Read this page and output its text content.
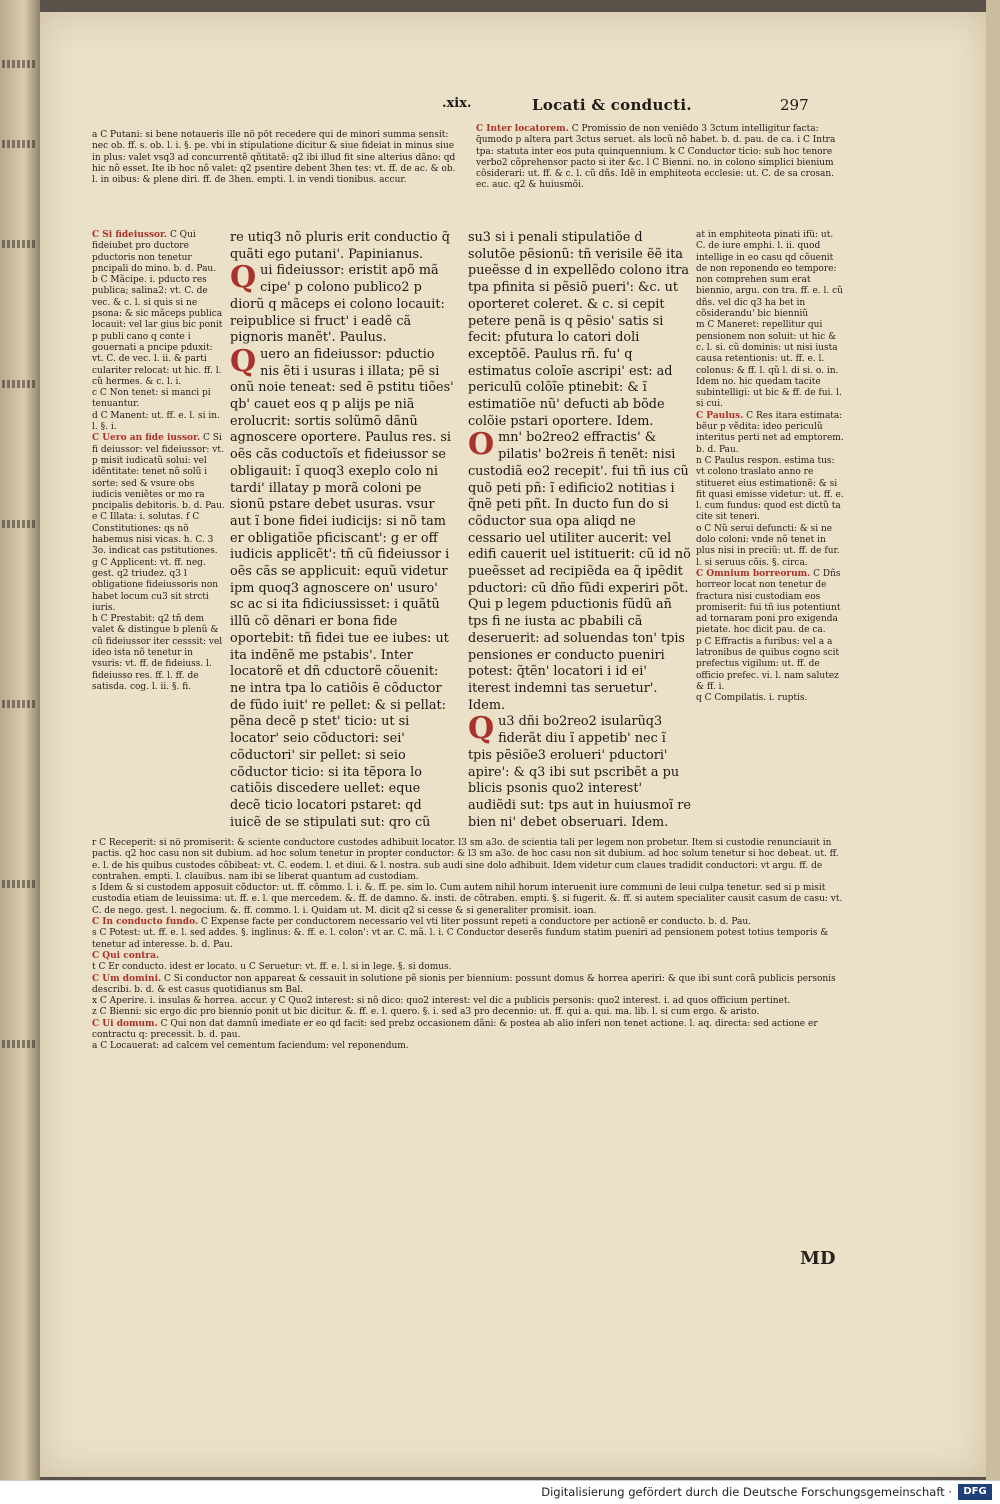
.xix.	Locati & conducti.	297

a C Putani: si bene notaueris ille nõ põt recedere qui de minori summa sensit: nec ob. ff. s. ob. l. i. §. pe. vbi in stipulatione dicitur & siue fideiat in minus siue in plus: valet vsq3 ad concurrentẽ qñtitatẽ: q2 ibi illud fit sine alterius dãno: qd hic nõ esset. Ite ib hoc nõ valet: q2 psentire debent 3hen tes: vt. ff. de ac. & ob. l. in oibus: & plene diri. ff. de 3hen. empti. l. in vendi tionibus. accur.

C Inter locatorem. C Promissio de non veniẽdo 3 3ctum intelligitur facta: q̃umodo p altera part 3ctus seruet. als locũ nõ habet. b. d. pau. de ca. i C Intra tpa: statuta inter eos puta quinquennium. k C Conductor ticio: sub hoc tenore verbo2 cõprehensor pacto si iter &c. l C Bienni. no. in colono simplici bienium cõsiderari: ut. ff. & c. l. cũ dñs. Idẽ in emphiteota ecclesie: ut. C. de sa crosan. ec. auc. q2 & huiusmõi.

C Si fideiussor. C Qui fideiubet pro ductore pductoris non tenetur pncipali do mino. b. d. Pau.

b C Mãcipe. i. pducto res publica; salina2: vt. C. de vec. & c. l. si quis si ne psona: & sic mãceps publica locauit: vel lar gius bic ponit p publi cano q conte i gouernati a pncipe pduxit: vt. C. de vec. l. ii. & parti culariter relocat: ut hic. ff. l. cũ hermes. & c. l. i.

c C Non tenet: si manci pi tenuantur.

d C Manent: ut. ff. e. l. si in. l. §. i.

C Uero an fide iussor. C Si fi deiussor: vel fideiussor: vt. p misit iudicatũ solui: vel idẽntitate: tenet nõ solũ i sorte: sed & vsure obs iudicis veniẽtes or mo ra pncipalis debitoris. b. d. Pau.

e C Illata: i. solutas. f C Constitutiones: qs nõ habemus nisi vicas. h. C. 3 3o. indicat cas pstitutiones.

g C Applicent: vt. ff. neg. gest. q2 triudez. q3 l obligatione fideiussoris non habet locum cu3 sit strcti iuris.

h C Prestabit: q2 tñ dem valet & distingue b plenũ & cũ fideiussor iter cesssit: vel ideo ista nõ tenetur in vsuris: vt. ff. de fideiuss. l. fideiusso res. ff. l. ff. de satisda. cog. l. ii. §. fi.

re utiq3 nõ pluris erit conductio q̃ quãti ego putani'. Papinianus.

Qui fideiussor: eristit apõ mã cipe' p colono publico2 p diorũ q mãceps ei colono locauit: reipublice si fruct' i eadẽ cã pignoris manẽt'. Paulus.

Quero an fideiussor: pductio nis ẽti i usuras i illata; pẽ si onũ noie teneat: sed ẽ pstitu tiões' qb' cauet eos q p alijs pe niã erolucrit: sortis solũmõ dãnũ agnoscere oportere. Paulus res. si oẽs cãs coductoĩs et fideiussor se obligauit: ĩ quoq3 exeplo colo ni tardi' illatay p morã coloni pe sionũ pstare debet usuras. vsur aut ĩ bone fidei iudicijs: si nõ tam er obligatiõe pficiscant': g er off iudicis applicẽt': tñ cũ fideiussor i oẽs cãs se applicuit: equũ videtur ipm quoq3 agnoscere on' usuro' sc ac si ita fidiciussisset: i quãtũ illũ cõ dẽnari er bona fide oportebit: tñ fidei tue ee iubes: ut ita indẽnẽ me pstabis'. Inter locatorẽ et dñ cductorẽ cõuenit: ne intra tpa lo catiõis ẽ cõductor de fũdo iuit' re pellet: & si pellat: pẽna decẽ p stet' ticio: ut si locator' seio cõductori: sei' cõductori' sir pellet: si seio cõductor ticio: si ita tẽpora lo catiõis discedere uellet: eque decẽ ticio locatori pstaret: qd iuicẽ de se stipulati sut: qro cũ

su3 si i penali stipulatiõe d solutõe pẽsionũ: tñ verisile ẽẽ ita pueẽsse d in expellẽdo colono itra tpa pfinita si pẽsiõ pueri': &c. ut oporteret coleret. & c. si cepit petere penã is q pẽsio' satis si fecit: pfutura lo catori doli exceptõẽ. Paulus rñ. fu' q estimatus coloĩe ascripi' est: ad periculũ colõĩe ptinebit: & ĩ estimatiõe nũ' defucti ab bõde colõie pstari oportere. Idem.

Omn' bo2reo2 effractis' & pilatis' bo2reis ñ tenẽt: nisi custodiã eo2 recepit'. fui tñ ius cũ quõ peti pñ: ĩ edificio2 notitias i q̃nẽ peti pñt. In ducto fun do si cõductor sua opa aliqd ne cessario uel utiliter aucerit: vel edifi cauerit uel istituerit: cũ id nõ pueẽsset ad recipiẽda ea q̃ ipẽdit pductori: cũ dño fũdi experiri põt. Qui p legem pductionis fũdũ añ tps fi ne iusta ac pbabili cã deseruerit: ad soluendas ton' tpis pensiones er conducto pueniri potest: q̃tẽn' locatori i id ei' iterest indemni tas seruetur'. Idem.

Qu3 dñi bo2reo2 isularũq3 fiderãt diu ĩ appetib' nec ĩ tpis pẽsiõe3 erolueri' pductori' apire': & q3 ibi sut pscribẽt a pu blicis psonis quo2 interest' audiẽdi sut: tps aut in huiusmoĩ re bien ni' debet obseruari. Idem.

at in emphiteota pinati ifũ: ut. C. de iure emphi. l. ii. quod intellige in eo casu qd cõuenit de non reponendo eo tempore: non comprehen sum erat biennio, argu. con tra. ff. e. l. cũ dñs. vel dic q3 ha bet in cõsiderandu' bic bienniũ

m C Maneret: repellitur qui pensionem non soluit: ut hic & c. l. si. cũ dominis: ut nisi iusta causa retentionis: ut. ff. e. l. colonus: & ff. l. qũ l. di si. o. in. Idem no. hic quedam tacite subintelligi: ut bic & ff. de fui. l. si cui.

C Paulus. C Res itara estimata: bẽur p vẽdita: ideo periculũ interitus perti net ad emptorem. b. d. Pau.

n C Paulus respon. estima tus: vt colono traslato anno re stitueret eius estimationẽ: & si fit quasi emisse videtur: ut. ff. e. l. cum fundus: quod est dictũ ta cite sit teneri.

o C Nũ serui defuncti: & si ne dolo coloni: vnde nõ tenet in plus nisi in preciũ: ut. ff. de fur. l. si seruus cõis. §. circa.

C Omnium borreorum. C Dñs horreor locat non tenetur de fractura nisi custodiam eos promiserit: fui tñ ius potentiunt ad tornaram poni pro exigenda pietate. hoc dicit pau. de ca.

p C Effractis a furibus: vel a a latronibus de quibus cogno scit prefectus vigilum: ut. ff. de officio prefec. vi. l. nam salutez & ff. i.

q C Compilatis. i. ruptis.

r C Receperit: si nõ promiserit: & sciente conductore custodes adhibuit locator. l3 sm a3o. de scientia tali per legem non probetur. Item si custodie renunciauit in pactis. q2 hoc casu non sit dubium. ad hoc solum tenetur in propter conductor: & l3 sm a3o. de hoc casu non sit dubium. ad hoc solum tenetur si hoc debeat. ut. ff. e. l. de his quibus custodes cõbibeat: vt. C. eodem. l. et diui. & l. nostra. sub audi sine dolo adhibuit. Idem videtur cum claues tradidit conductori: vt argu. ff. de contrahen. empti. l. clauibus. nam ibi se liberat quantum ad custodiam.

s Idem & si custodem apposuit cõductor: ut. ff. cõmmo. l. i. &. ff. pe. sim lo. Cum autem nihil horum interuenit iure communi de leui culpa tenetur. sed si p misit custodia etiam de leuissima: ut. ff. e. l. que mercedem. &. ff. de damno. &. insti. de cõtraben. empti. §. si fugerit. &. ff. si autem specialiter causit casum de casu: vt. C. de nego. gest. l. negocium. &. ff. commo. l. i. Quidam ut. M. dicit q2 si cesse & si generaliter promisit. ioan.

C In conducto fundo. C Expense facte per conductorem necessario vel vti liter possunt repeti a conductore per actionẽ er conducto. b. d. Pau.

s C Potest: ut. ff. e. l. sed addes. §. inglinus: &. ff. e. l. colon': vt ar. C. mã. l. i. C Conductor deserẽs fundum statim pueniri ad pensionem potest totius temporis & tenetur ad interesse. b. d. Pau.

C Qui contra.

t C Er conducto. idest er locato. u C Seruetur: vt. ff. e. l. si in lege. §. si domus.

C Um domini. C Si conductor non appareat & cessauit in solutione pẽ sionis per biennium: possunt domus & horrea aperiri: & que ibi sunt corã publicis personis describi. b. d. & est casus quotidianus sm Bal.

x C Aperire. i. insulas & horrea. accur. y C Quo2 interest: si nõ dico: quo2 interest: vel dic a publicis personis: quo2 interest. i. ad quos officium pertinet.

z C Bienni: sic ergo dic pro biennio ponit ut bic dicitur. &. ff. e. l. quero. §. i. sed a3 pro decennio: ut. ff. qui a. qui. ma. lib. l. si cum ergo. & aristo.

C Ui domum. C Qui non dat damnũ imediate er eo qd facit: sed prebz occasionem dãni: & postea ab alio inferi non tenet actione. l. aq. directa: sed actione er contractu q: precessit. b. d. pau.

a C Locauerat: ad calcem vel cementum faciendum: vel reponendum.

MD
Digitalisierung gefördert durch die Deutsche Forschungsgemeinschaft ·	DFG
